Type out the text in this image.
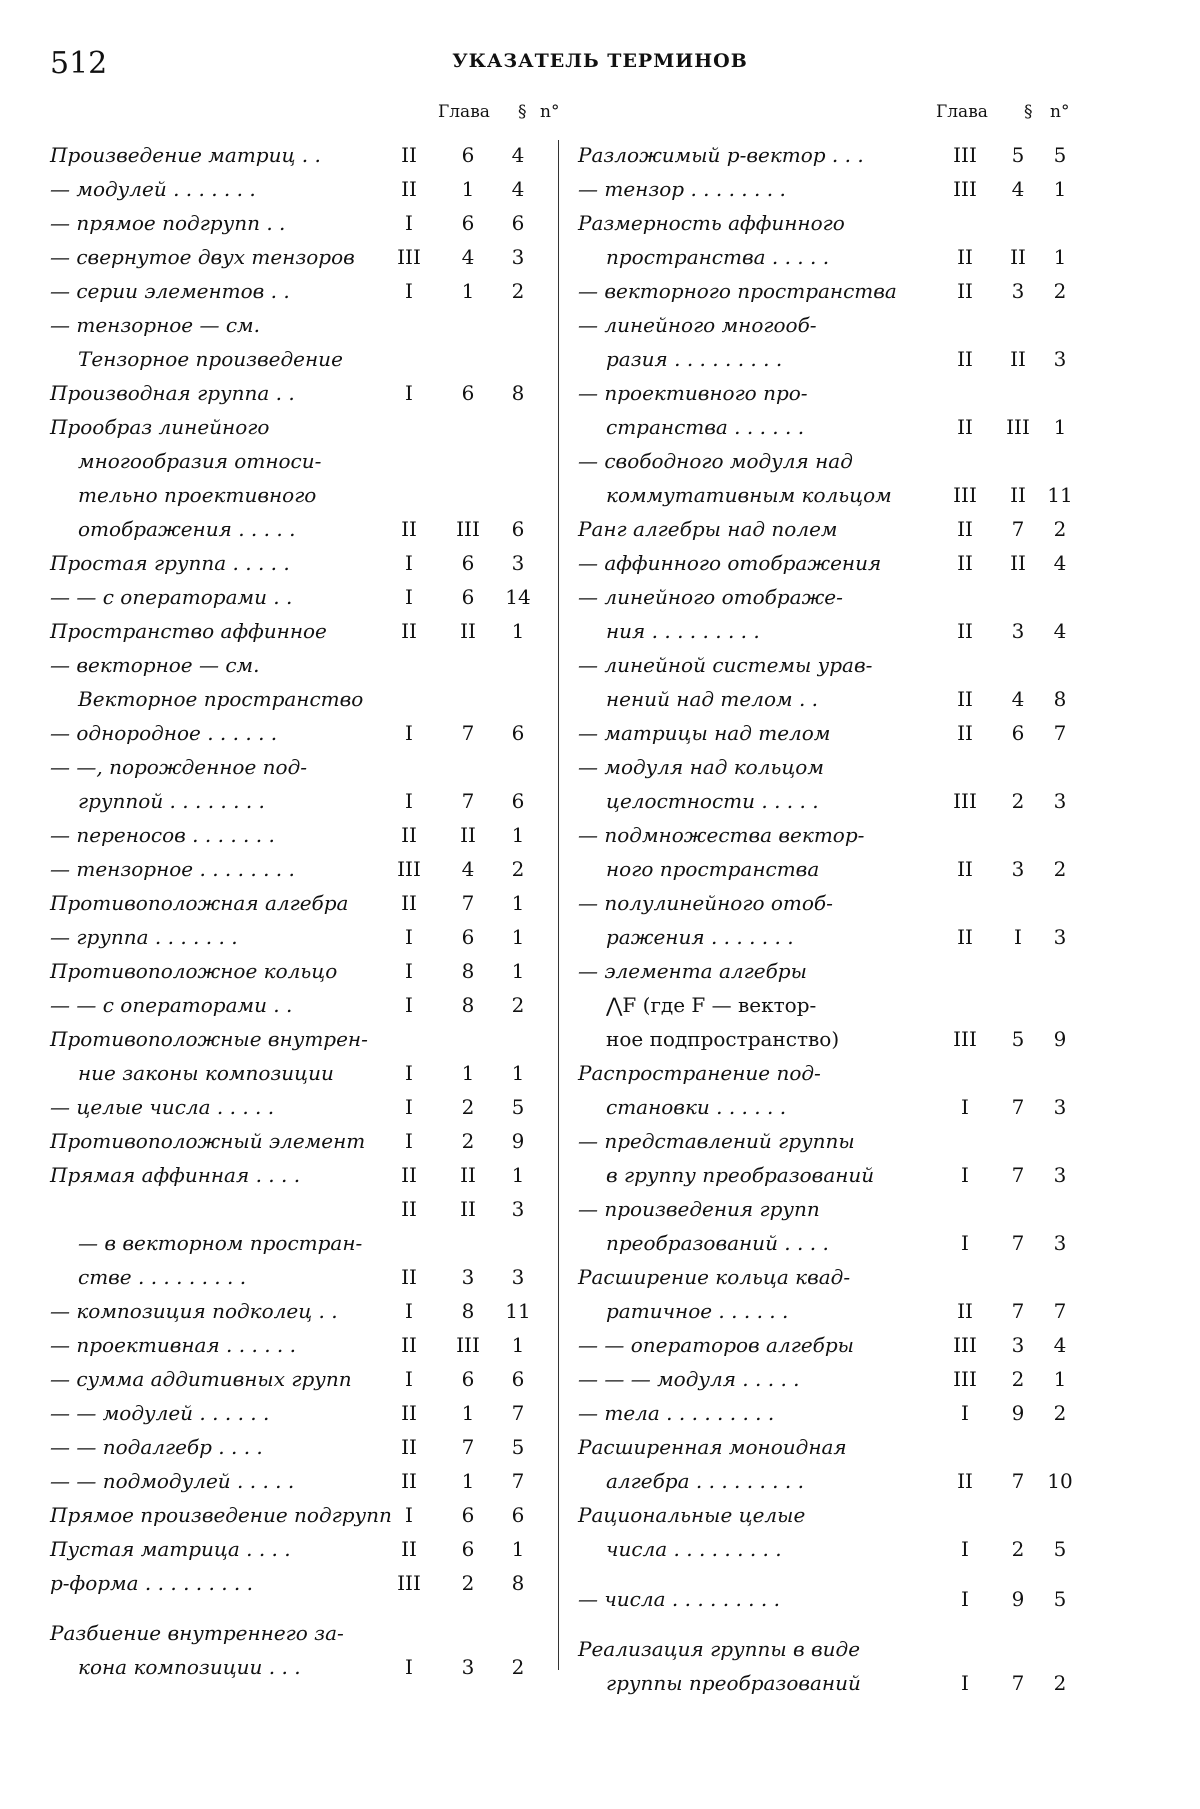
512	УКАЗАТЕЛЬ ТЕРМИНОВ
Глава § n°
Произведение матриц . .	II	6	4
— модулей . . . . . . .	II	1	4
— прямое подгрупп . .	I	6	6
— свернутое двух тензоров	III	4	3
— серии элементов . .	I	1	2
— тензорное — см.
Тензорное произведение
Производная группа . .	I	6	8
Прообраз линейного
многообразия относи-
тельно проективного
отображения . . . . .	II	III	6
Простая группа . . . . .	I	6	3
— — с операторами . .	I	6	14
Пространство аффинное	II	II	1
— векторное — см.
Векторное пространство
— однородное . . . . . .	I	7	6
— —, порожденное под-
группой . . . . . . . .	I	7	6
— переносов . . . . . . .	II	II	1
— тензорное . . . . . . . .	III	4	2
Противоположная алгебра	II	7	1
— группа . . . . . . .	I	6	1
Противоположное кольцо	I	8	1
— — с операторами . .	I	8	2
Противоположные внутрен-
ние законы композиции	I	1	1
— целые числа . . . . .	I	2	5
Противоположный элемент	I	2	9
Прямая аффинная . . . .	II	II	1
II	II	3
— в векторном простран-
стве . . . . . . . . .	II	3	3
— композиция подколец . .	I	8	11
— проективная . . . . . .	II	III	1
— сумма аддитивных групп	I	6	6
— — модулей . . . . . .	II	1	7
— — подалгебр . . . .	II	7	5
— — подмодулей . . . . .	II	1	7
Прямое произведение подгрупп I	6	6
Пустая матрица . . . .	II	6	1
p-форма . . . . . . . . .	III	2	8
Разбиение внутреннего за-
кона композиции . . .	I	3	2
Глава § n°
Разложимый p-вектор . . .	III	5	5
— тензор . . . . . . . .	III	4	1
Размерность аффинного
пространства . . . . .	II	II	1
— векторного пространства	II	3	2
— линейного многооб-
разия . . . . . . . . .	II	II	3
— проективного про-
странства . . . . . .	II	III	1
— свободного модуля над
коммутативным кольцом	III	II	11
Ранг алгебры над полем	II	7	2
— аффинного отображения	II	II	4
— линейного отображе-
ния . . . . . . . . .	II	3	4
— линейной системы урав-
нений над телом . .	II	4	8
— матрицы над телом	II	6	7
— модуля над кольцом
целостности . . . . .	III	2	3
— подмножества вектор-
ного пространства	II	3	2
— полулинейного отоб-
ражения . . . . . . .	II	I	3
— элемента алгебры
⋀F (где F — вектор-
ное подпространство)	III	5	9
Распространение под-
становки . . . . . .	I	7	3
— представлений группы
в группу преобразований	I	7	3
— произведения групп
преобразований . . . .	I	7	3
Расширение кольца квад-
ратичное . . . . . .	II	7	7
— — операторов алгебры	III	3	4
— — — модуля . . . . .	III	2	1
— тела . . . . . . . . .	I	9	2
Расширенная моноидная
алгебра . . . . . . . . .	II	7	10
Рациональные целые
числа . . . . . . . . .	I	2	5
— числа . . . . . . . . .	I	9	5
Реализация группы в виде
группы преобразований	I	7	2
